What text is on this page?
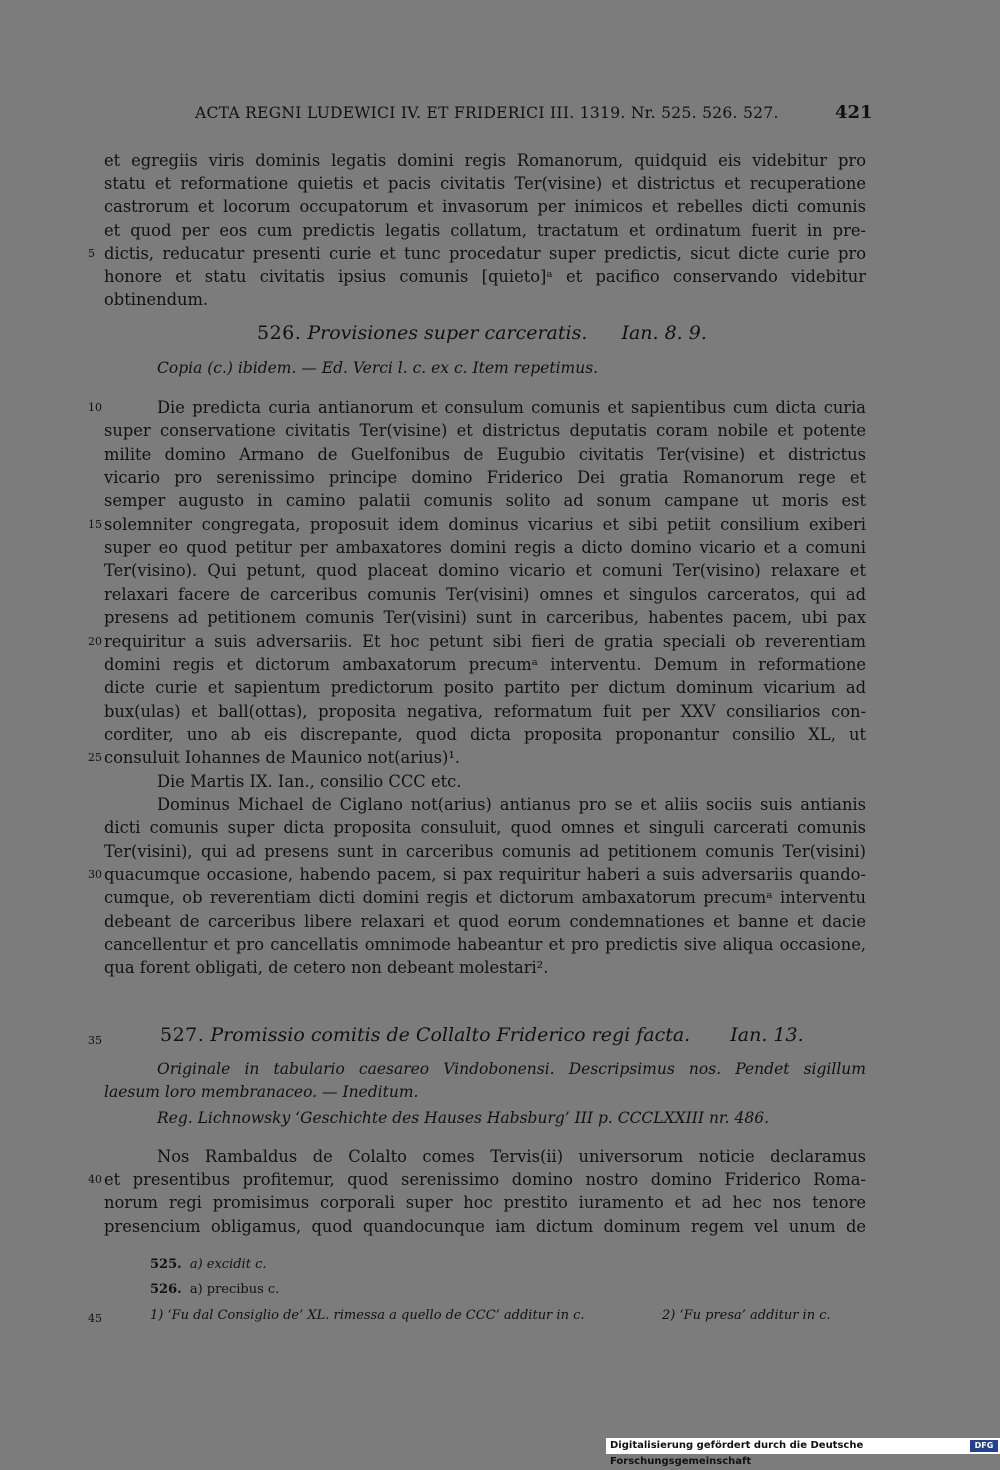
ACTA REGNI LUDEWICI IV. ET FRIDERICI III. 1319. Nr. 525. 526. 527.	421
et egregiis viris dominis legatis domini regis Romanorum, quidquid eis videbitur pro
statu et reformatione quietis et pacis civitatis Ter(visine) et districtus et recuperatione
castrorum et locorum occupatorum et invasorum per inimicos et rebelles dicti comunis
et quod per eos cum predictis legatis collatum, tractatum et ordinatum fuerit in pre-
5 dictis, reducatur presenti curie et tunc procedatur super predictis, sicut dicte curie pro
honore et statu civitatis ipsius comunis [quieto]ᵃ et pacifico conservando videbitur
obtinendum.
526. Provisiones super carceratis. Ian. 8. 9.
Copia (c.) ibidem. — Ed. Verci l. c. ex c. Item repetimus.
10	Die predicta curia antianorum et consulum comunis et sapientibus cum dicta curia
super conservatione civitatis Ter(visine) et districtus deputatis coram nobile et potente
milite domino Armano de Guelfonibus de Eugubio civitatis Ter(visine) et districtus
vicario pro serenissimo principe domino Friderico Dei gratia Romanorum rege et
semper augusto in camino palatii comunis solito ad sonum campane ut moris est
15 solemniter congregata, proposuit idem dominus vicarius et sibi petiit consilium exiberi
super eo quod petitur per ambaxatores domini regis a dicto domino vicario et a comuni
Ter(visino). Qui petunt, quod placeat domino vicario et comuni Ter(visino) relaxare et
relaxari facere de carceribus comunis Ter(visini) omnes et singulos carceratos, qui ad
presens ad petitionem comunis Ter(visini) sunt in carceribus, habentes pacem, ubi pax
20 requiritur a suis adversariis. Et hoc petunt sibi fieri de gratia speciali ob reverentiam
domini regis et dictorum ambaxatorum precumᵃ interventu. Demum in reformatione
dicte curie et sapientum predictorum posito partito per dictum dominum vicarium ad
bux(ulas) et ball(ottas), proposita negativa, reformatum fuit per XXV consiliarios con-
corditer, uno ab eis discrepante, quod dicta proposita proponantur consilio XL, ut
25 consuluit Iohannes de Maunico not(arius)¹.
Die Martis IX. Ian., consilio CCC etc.
Dominus Michael de Ciglano not(arius) antianus pro se et aliis sociis suis antianis
dicti comunis super dicta proposita consuluit, quod omnes et singuli carcerati comunis
Ter(visini), qui ad presens sunt in carceribus comunis ad petitionem comunis Ter(visini)
30 quacumque occasione, habendo pacem, si pax requiritur haberi a suis adversariis quando-
cumque, ob reverentiam dicti domini regis et dictorum ambaxatorum precumᵃ interventu
debeant de carceribus libere relaxari et quod eorum condemnationes et banne et dacie
cancellentur et pro cancellatis omnimode habeantur et pro predictis sive aliqua occasione,
qua forent obligati, de cetero non debeant molestari².
35	527. Promissio comitis de Collalto Friderico regi facta. Ian. 13.
Originale in tabulario caesareo Vindobonensi. Descripsimus nos. Pendet sigillum
laesum loro membranaceo. — Ineditum.
Reg. Lichnowsky ‘Geschichte des Hauses Habsburg’ III p. CCCLXXIII nr. 486.
Nos Rambaldus de Colalto comes Tervis(ii) universorum noticie declaramus
40 et presentibus profitemur, quod serenissimo domino nostro domino Friderico Roma-
norum regi promisimus corporali super hoc prestito iuramento et ad hec nos tenore
presencium obligamus, quod quandocunque iam dictum dominum regem vel unum de
525. a) excidit c.
526. a) precibus c.
45	1) ‘Fu dal Consiglio de’ XL. rimessa a quello de CCC’ additur in c.	2) ‘Fu presa’ additur in c.
Digitalisierung gefördert durch die Deutsche Forschungsgemeinschaft
DFG
